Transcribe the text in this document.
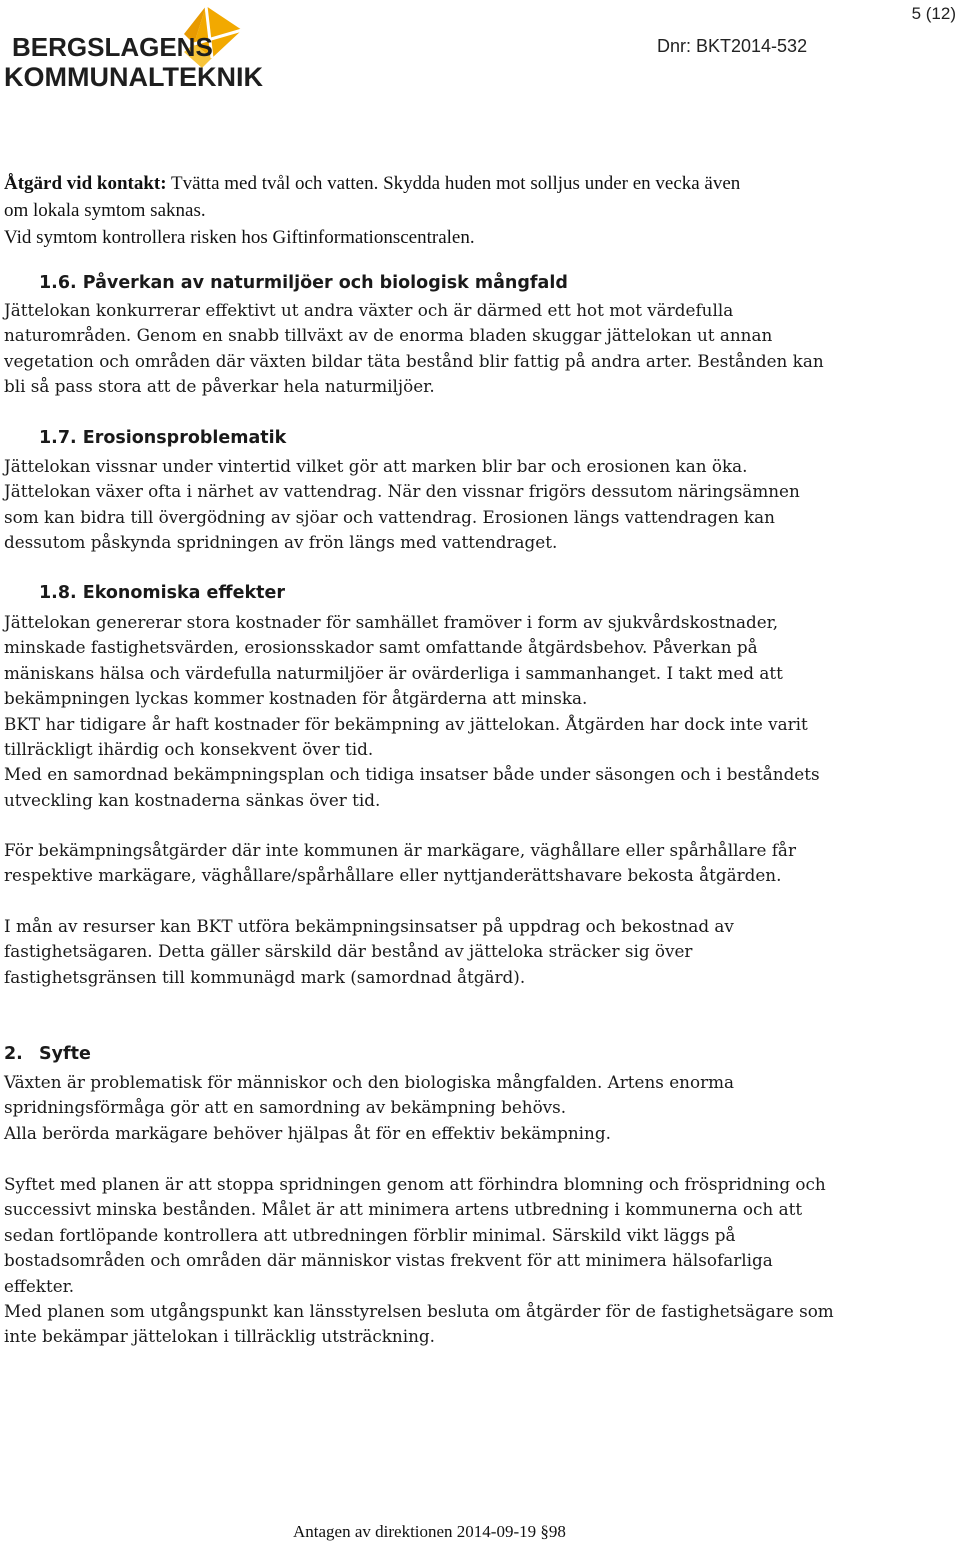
5 (12)
BERGSLAGENS
KOMMUNALTEKNIK
Dnr: BKT2014-532
Åtgärd vid kontakt: Tvätta med tvål och vatten. Skydda huden mot solljus under en vecka även
om lokala symtom saknas.
Vid symtom kontrollera risken hos Giftinformationscentralen.
1.6. Påverkan av naturmiljöer och biologisk mångfald
Jättelokan konkurrerar effektivt ut andra växter och är därmed ett hot mot värdefulla
naturområden. Genom en snabb tillväxt av de enorma bladen skuggar jättelokan ut annan
vegetation och områden där växten bildar täta bestånd blir fattig på andra arter. Bestånden kan
bli så pass stora att de påverkar hela naturmiljöer.
1.7. Erosionsproblematik
Jättelokan vissnar under vintertid vilket gör att marken blir bar och erosionen kan öka.
Jättelokan växer ofta i närhet av vattendrag. När den vissnar frigörs dessutom näringsämnen
som kan bidra till övergödning av sjöar och vattendrag. Erosionen längs vattendragen kan
dessutom påskynda spridningen av frön längs med vattendraget.
1.8. Ekonomiska effekter
Jättelokan genererar stora kostnader för samhället framöver i form av sjukvårdskostnader,
minskade fastighetsvärden, erosionsskador samt omfattande åtgärdsbehov. Påverkan på
mäniskans hälsa och värdefulla naturmiljöer är ovärderliga i sammanhanget. I takt med att
bekämpningen lyckas kommer kostnaden för åtgärderna att minska.
BKT har tidigare år haft kostnader för bekämpning av jättelokan. Åtgärden har dock inte varit
tillräckligt ihärdig och konsekvent över tid.
Med en samordnad bekämpningsplan och tidiga insatser både under säsongen och i beståndets
utveckling kan kostnaderna sänkas över tid.
För bekämpningsåtgärder där inte kommunen är markägare, väghållare eller spårhållare får
respektive markägare, väghållare/spårhållare eller nyttjanderättshavare bekosta åtgärden.
I mån av resurser kan BKT utföra bekämpningsinsatser på uppdrag och bekostnad av
fastighetsägaren. Detta gäller särskild där bestånd av jätteloka sträcker sig över
fastighetsgränsen till kommunägd mark (samordnad åtgärd).
2. Syfte
Växten är problematisk för människor och den biologiska mångfalden. Artens enorma
spridningsförmåga gör att en samordning av bekämpning behövs.
Alla berörda markägare behöver hjälpas åt för en effektiv bekämpning.
Syftet med planen är att stoppa spridningen genom att förhindra blomning och fröspridning och
successivt minska bestånden. Målet är att minimera artens utbredning i kommunerna och att
sedan fortlöpande kontrollera att utbredningen förblir minimal. Särskild vikt läggs på
bostadsområden och områden där människor vistas frekvent för att minimera hälsofarliga
effekter.
Med planen som utgångspunkt kan länsstyrelsen besluta om åtgärder för de fastighetsägare som
inte bekämpar jättelokan i tillräcklig utsträckning.
Antagen av direktionen 2014-09-19 §98
